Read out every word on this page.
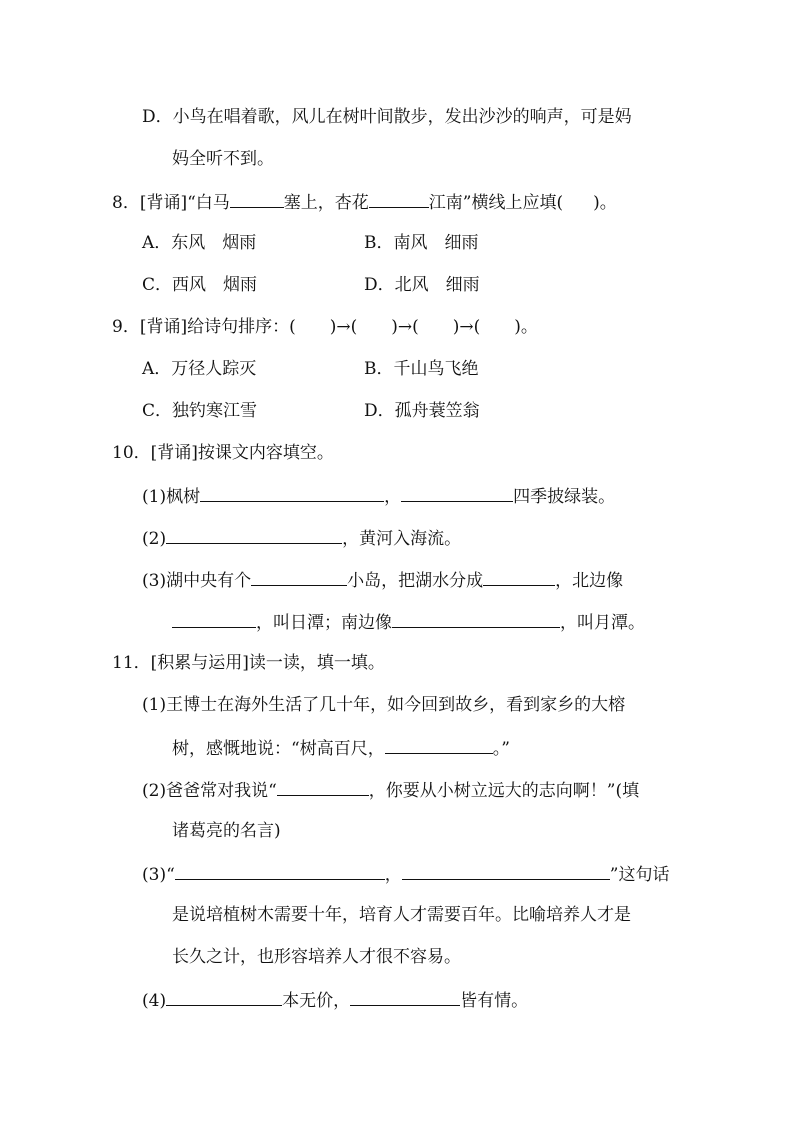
D．小鸟在唱着歌，风儿在树叶间散步，发出沙沙的响声，可是妈
妈全听不到。
8．[背诵]“白马	塞上，杏花	江南”横线上应填( )。
A．东风　烟雨	B．南风　细雨
C．西风　烟雨	D．北风　细雨
9．[背诵]给诗句排序：(　　)→(　　)→(　　)→(　　)。
A．万径人踪灭	B．千山鸟飞绝
C．独钓寒江雪	D．孤舟蓑笠翁
10．[背诵]按课文内容填空。
(1)枫树	，	四季披绿装。
(2)	，黄河入海流。
(3)湖中央有个	小岛，把湖水分成	，北边像
，叫日潭；南边像	，叫月潭。
11．[积累与运用]读一读，填一填。
(1)王博士在海外生活了几十年，如今回到故乡，看到家乡的大榕
树，感慨地说：“树高百尺，	。”
(2)爸爸常对我说“	，你要从小树立远大的志向啊！”(填
诸葛亮的名言)
(3)“	，	”这句话
是说培植树木需要十年，培育人才需要百年。比喻培养人才是
长久之计，也形容培养人才很不容易。
(4)	本无价，	皆有情。
